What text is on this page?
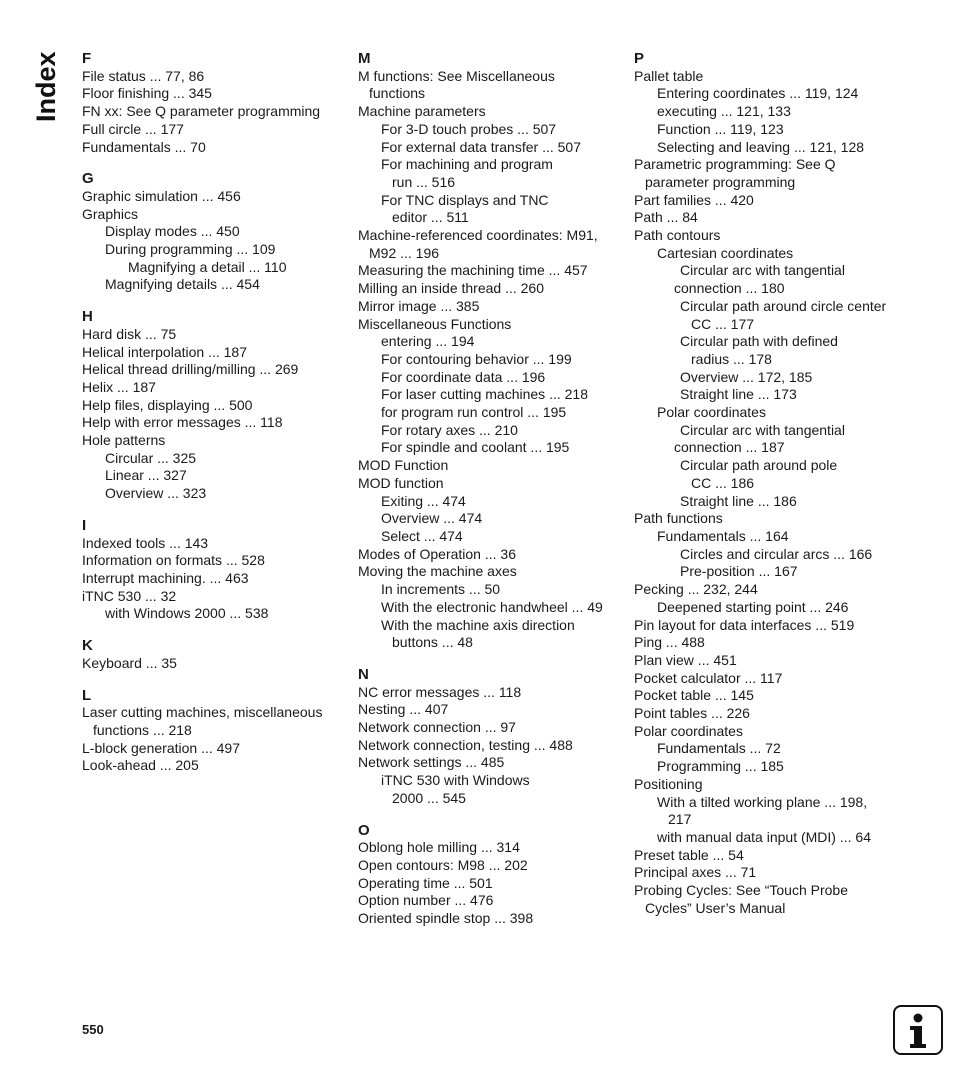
Index	F
File status ... 77, 86
Floor finishing ... 345
FN xx: See Q parameter programming
Full circle ... 177
Fundamentals ... 70
G
Graphic simulation ... 456
Graphics
Display modes ... 450
During programming ... 109
Magnifying a detail ... 110
Magnifying details ... 454
H
Hard disk ... 75
Helical interpolation ... 187
Helical thread drilling/milling ... 269
Helix ... 187
Help files, displaying ... 500
Help with error messages ... 118
Hole patterns
Circular ... 325
Linear ... 327
Overview ... 323
I
Indexed tools ... 143
Information on formats ... 528
Interrupt machining. ... 463
iTNC 530 ... 32
with Windows 2000 ... 538
K
Keyboard ... 35
L
Laser cutting machines, miscellaneous
functions ... 218
L-block generation ... 497
Look-ahead ... 205
M
M functions: See Miscellaneous
functions
Machine parameters
For 3-D touch probes ... 507
For external data transfer ... 507
For machining and program
run ... 516
For TNC displays and TNC
editor ... 511
Machine-referenced coordinates: M91,
M92 ... 196
Measuring the machining time ... 457
Milling an inside thread ... 260
Mirror image ... 385
Miscellaneous Functions
entering ... 194
For contouring behavior ... 199
For coordinate data ... 196
For laser cutting machines ... 218
for program run control ... 195
For rotary axes ... 210
For spindle and coolant ... 195
MOD Function
MOD function
Exiting ... 474
Overview ... 474
Select ... 474
Modes of Operation ... 36
Moving the machine axes
In increments ... 50
With the electronic handwheel ... 49
With the machine axis direction
buttons ... 48
N
NC error messages ... 118
Nesting ... 407
Network connection ... 97
Network connection, testing ... 488
Network settings ... 485
iTNC 530 with Windows
2000 ... 545
O
Oblong hole milling ... 314
Open contours: M98 ... 202
Operating time ... 501
Option number ... 476
Oriented spindle stop ... 398
P
Pallet table
Entering coordinates ... 119, 124
executing ... 121, 133
Function ... 119, 123
Selecting and leaving ... 121, 128
Parametric programming: See Q
parameter programming
Part families ... 420
Path ... 84
Path contours
Cartesian coordinates
Circular arc with tangential
connection ... 180
Circular path around circle center
CC ... 177
Circular path with defined
radius ... 178
Overview ... 172, 185
Straight line ... 173
Polar coordinates
Circular arc with tangential
connection ... 187
Circular path around pole
CC ... 186
Straight line ... 186
Path functions
Fundamentals ... 164
Circles and circular arcs ... 166
Pre-position ... 167
Pecking ... 232, 244
Deepened starting point ... 246
Pin layout for data interfaces ... 519
Ping ... 488
Plan view ... 451
Pocket calculator ... 117
Pocket table ... 145
Point tables ... 226
Polar coordinates
Fundamentals ... 72
Programming ... 185
Positioning
With a tilted working plane ... 198,
217
with manual data input (MDI) ... 64
Preset table ... 54
Principal axes ... 71
Probing Cycles: See “Touch Probe
Cycles” User’s Manual
550
